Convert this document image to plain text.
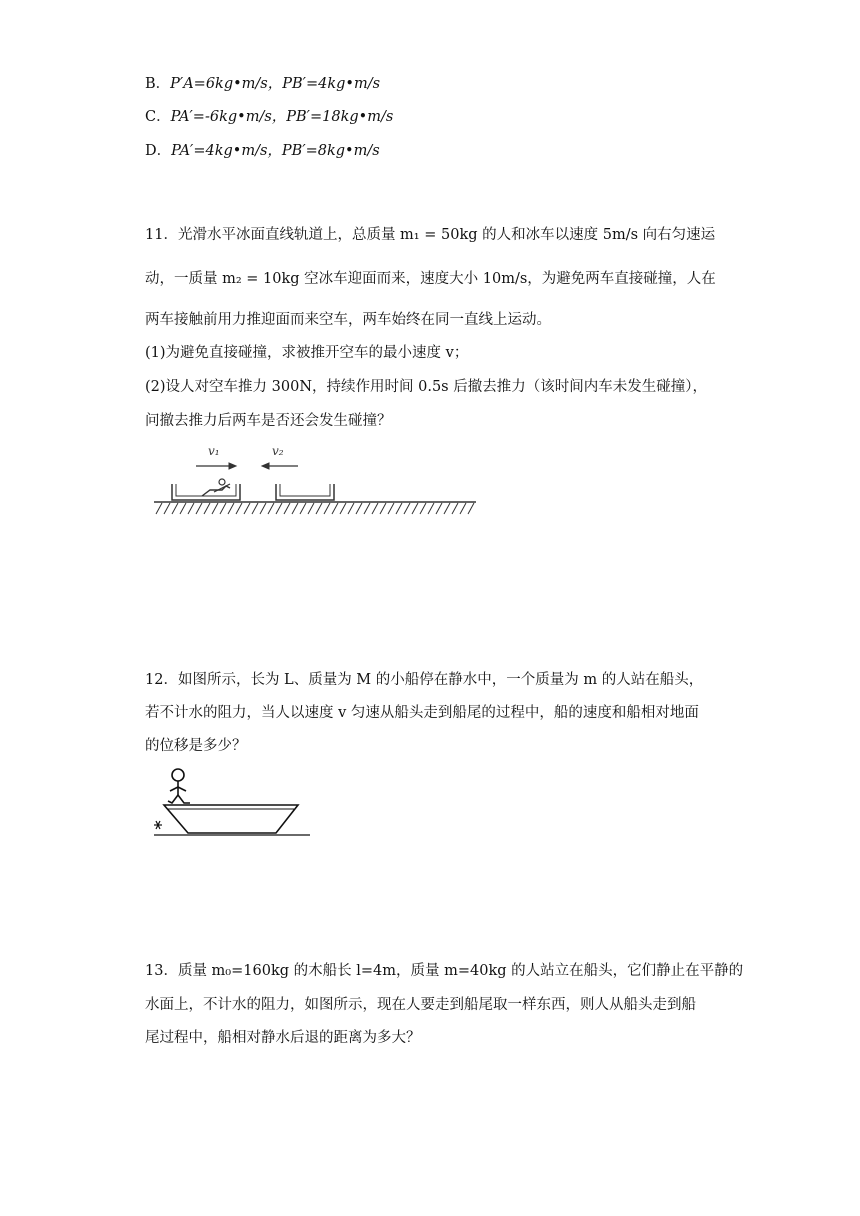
B．P′A=6kg•m/s，PB′=4kg•m/s
C．PA′=-6kg•m/s，PB′=18kg•m/s
D．PA′=4kg•m/s，PB′=8kg•m/s
11．光滑水平冰面直线轨道上，总质量 m₁ = 50kg 的人和冰车以速度 5m/s 向右匀速运
动，一质量 m₂ = 10kg 空冰车迎面而来，速度大小 10m/s，为避免两车直接碰撞，人在
两车接触前用力推迎面而来空车，两车始终在同一直线上运动。
(1)为避免直接碰撞，求被推开空车的最小速度 v；
(2)设人对空车推力 300N，持续作用时间 0.5s 后撤去推力（该时间内车未发生碰撞），
问撤去推力后两车是否还会发生碰撞？
v₁	v₂
12．如图所示，长为 L、质量为 M 的小船停在静水中，一个质量为 m 的人站在船头，
若不计水的阻力，当人以速度 v 匀速从船头走到船尾的过程中，船的速度和船相对地面
的位移是多少？
13．质量 m₀=160kg 的木船长 l=4m，质量 m=40kg 的人站立在船头，它们静止在平静的
水面上，不计水的阻力，如图所示，现在人要走到船尾取一样东西，则人从船头走到船
尾过程中，船相对静水后退的距离为多大？
